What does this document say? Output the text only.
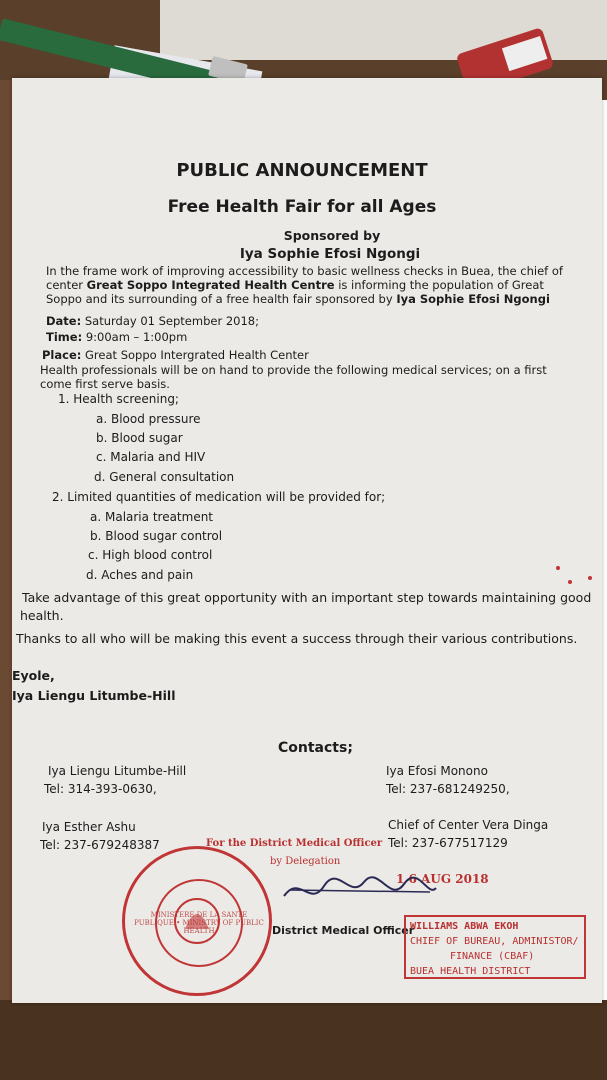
PUBLIC ANNOUNCEMENT
Free Health Fair for all Ages
Sponsored by
Iya Sophie Efosi Ngongi
In the frame work of improving accessibility to basic wellness checks in Buea, the chief of center Great Soppo Integrated Health Centre is informing the population of Great Soppo and its surrounding of a free health fair sponsored by Iya Sophie Efosi Ngongi
Date: Saturday 01 September 2018;
Time: 9:00am – 1:00pm
Place: Great Soppo Intergrated Health Center
Health professionals will be on hand to provide the following medical services; on a first
come first serve basis.
1. Health screening;
a. Blood pressure
b. Blood sugar
c. Malaria and HIV
d. General consultation
2. Limited quantities of medication will be provided for;
a. Malaria treatment
b. Blood sugar control
c. High blood control
d. Aches and pain
Take advantage of this great opportunity with an important step towards maintaining good
health.
Thanks to all who will be making this event a success through their various contributions.
Eyole,
Iya Liengu Litumbe-Hill
Contacts;
Iya Liengu Litumbe-Hill
Tel: 314-393-0630,
Iya Efosi Monono
Tel: 237-681249250,
Iya Esther Ashu
Tel: 237-679248387
Chief of Center Vera Dinga
Tel: 237-677517129
For the District Medical Officer
by Delegation
1 6 AUG 2018
District Medical Officer
MINISTERE DE LA SANTE PUBLIQUE • MINISTRY OF PUBLIC HEALTH	WILLIAMS ABWA EKOH
CHIEF OF BUREAU, ADMINISTOR/
FINANCE (CBAF)
BUEA HEALTH DISTRICT
